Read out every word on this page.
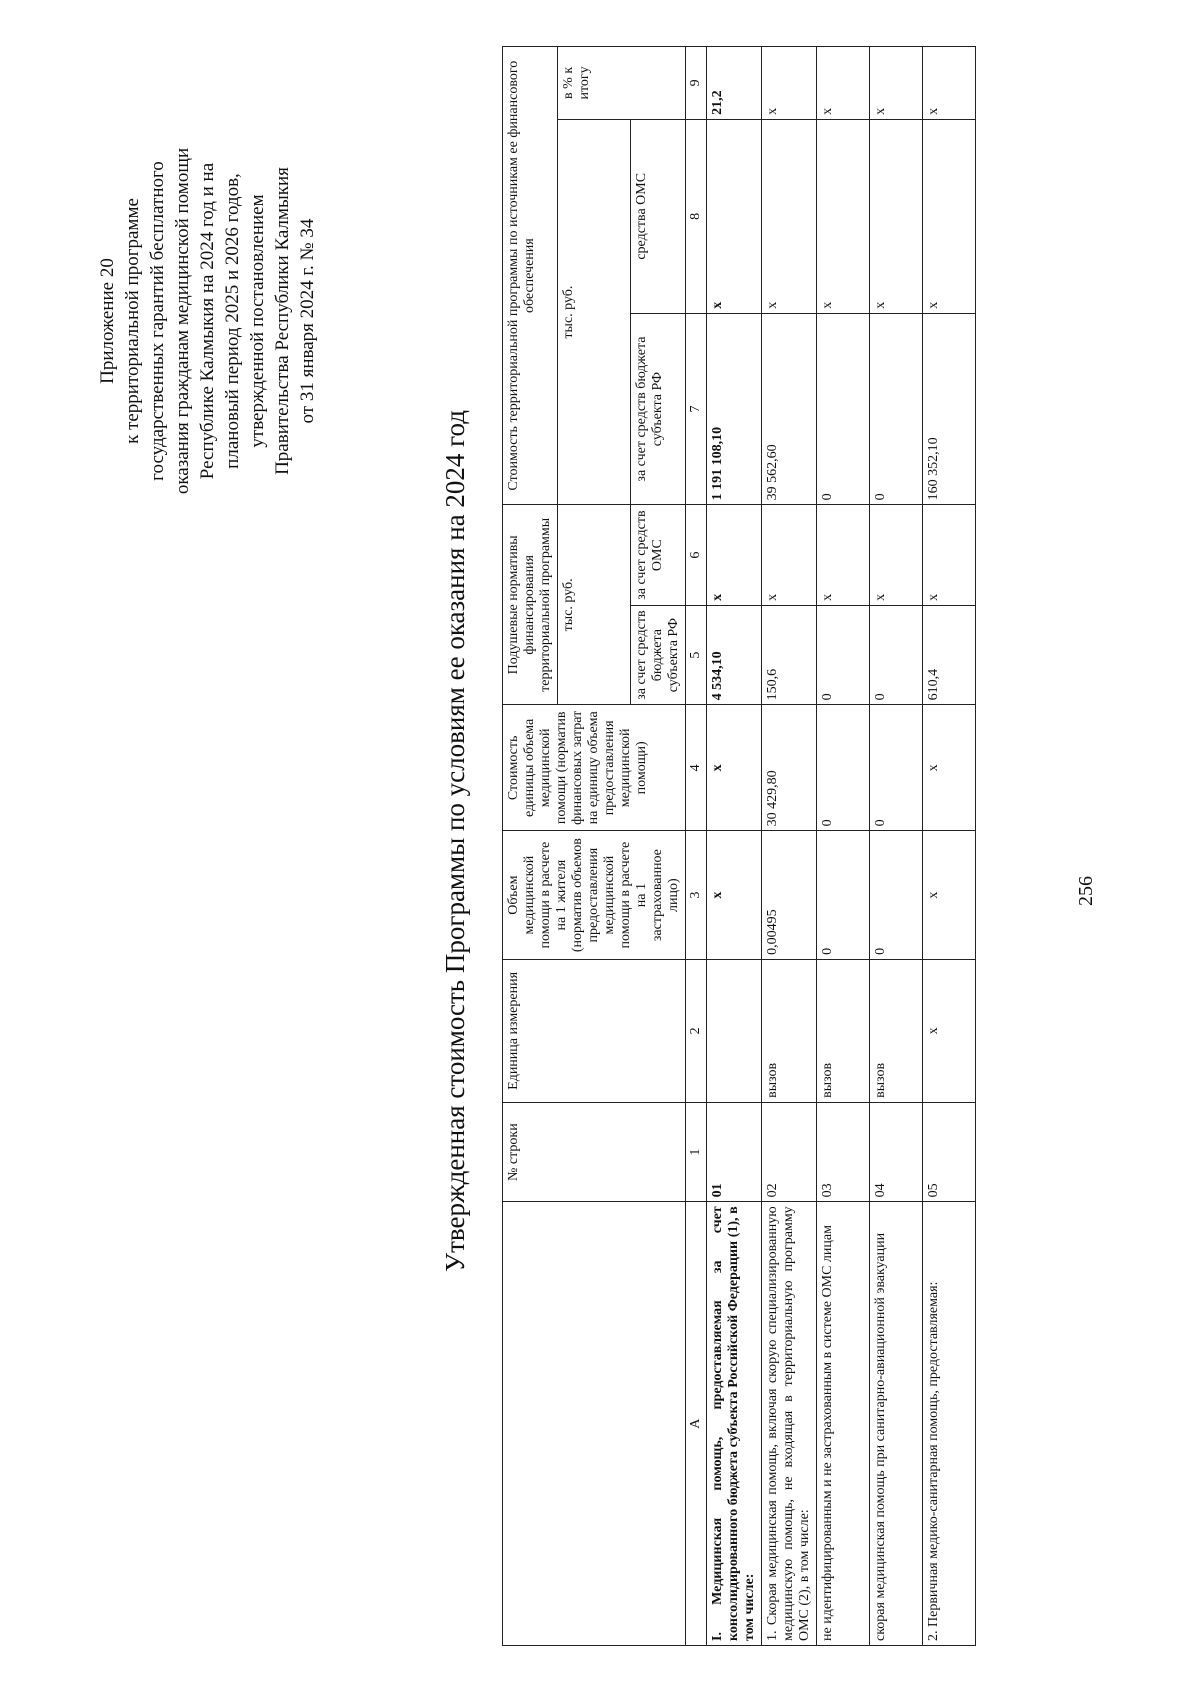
Приложение 20 к территориальной программе государственных гарантий бесплатного оказания гражданам медицинской помощи Республике Калмыкия на 2024 год и на плановый период 2025 и 2026 годов, утвержденной постановлением Правительства Республики Калмыкия от 31 января 2024 г. № 34
Утвержденная стоимость Программы по условиям ее оказания на 2024 год
		№ строки	Единица измерения	Объем медицинской помощи в расчете на 1 жителя (норматив объемов предоставления медицинской помощи в расчете на 1 застрахованное лицо)	Стоимость единицы объема медицинской помощи (норматив финансовых затрат на единицу объема предоставления медицинской помощи)	Подушевые нормативы финансирования территориальной программы		Стоимость территориальной программы по источникам ее финансового обеспечения		
					тыс. руб.		тыс. руб.		в % к итогу
					за счет средств бюджета субъекта РФ	за счет средств ОМС	за счет средств бюджета субъекта РФ	средства ОМС	
А	1	2	3	4	5	6	7	8	9
I. Медицинская помощь, предоставляемая за счет консолидированного бюджета субъекта Российской Федерации (1), в том числе:	01		x	x	4 534,10	x	1 191 108,10	x	21,2
1. Скорая медицинская помощь, включая скорую специализированную медицинскую помощь, не входящая в территориальную программу ОМС (2), в том числе:	02	вызов	0,00495	30 429,80	150,6	x	39 562,60	x	x
не идентифицированным и не застрахованным в системе ОМС лицам	03	вызов	0	0	0	x	0	x	x
скорая медицинская помощь при санитарно-авиационной эвакуации	04	вызов	0	0	0	x	0	x	x
2. Первичная медико-санитарная помощь, предоставляемая:	05	x	x	x	610,4	x	160 352,10	x	x
256
